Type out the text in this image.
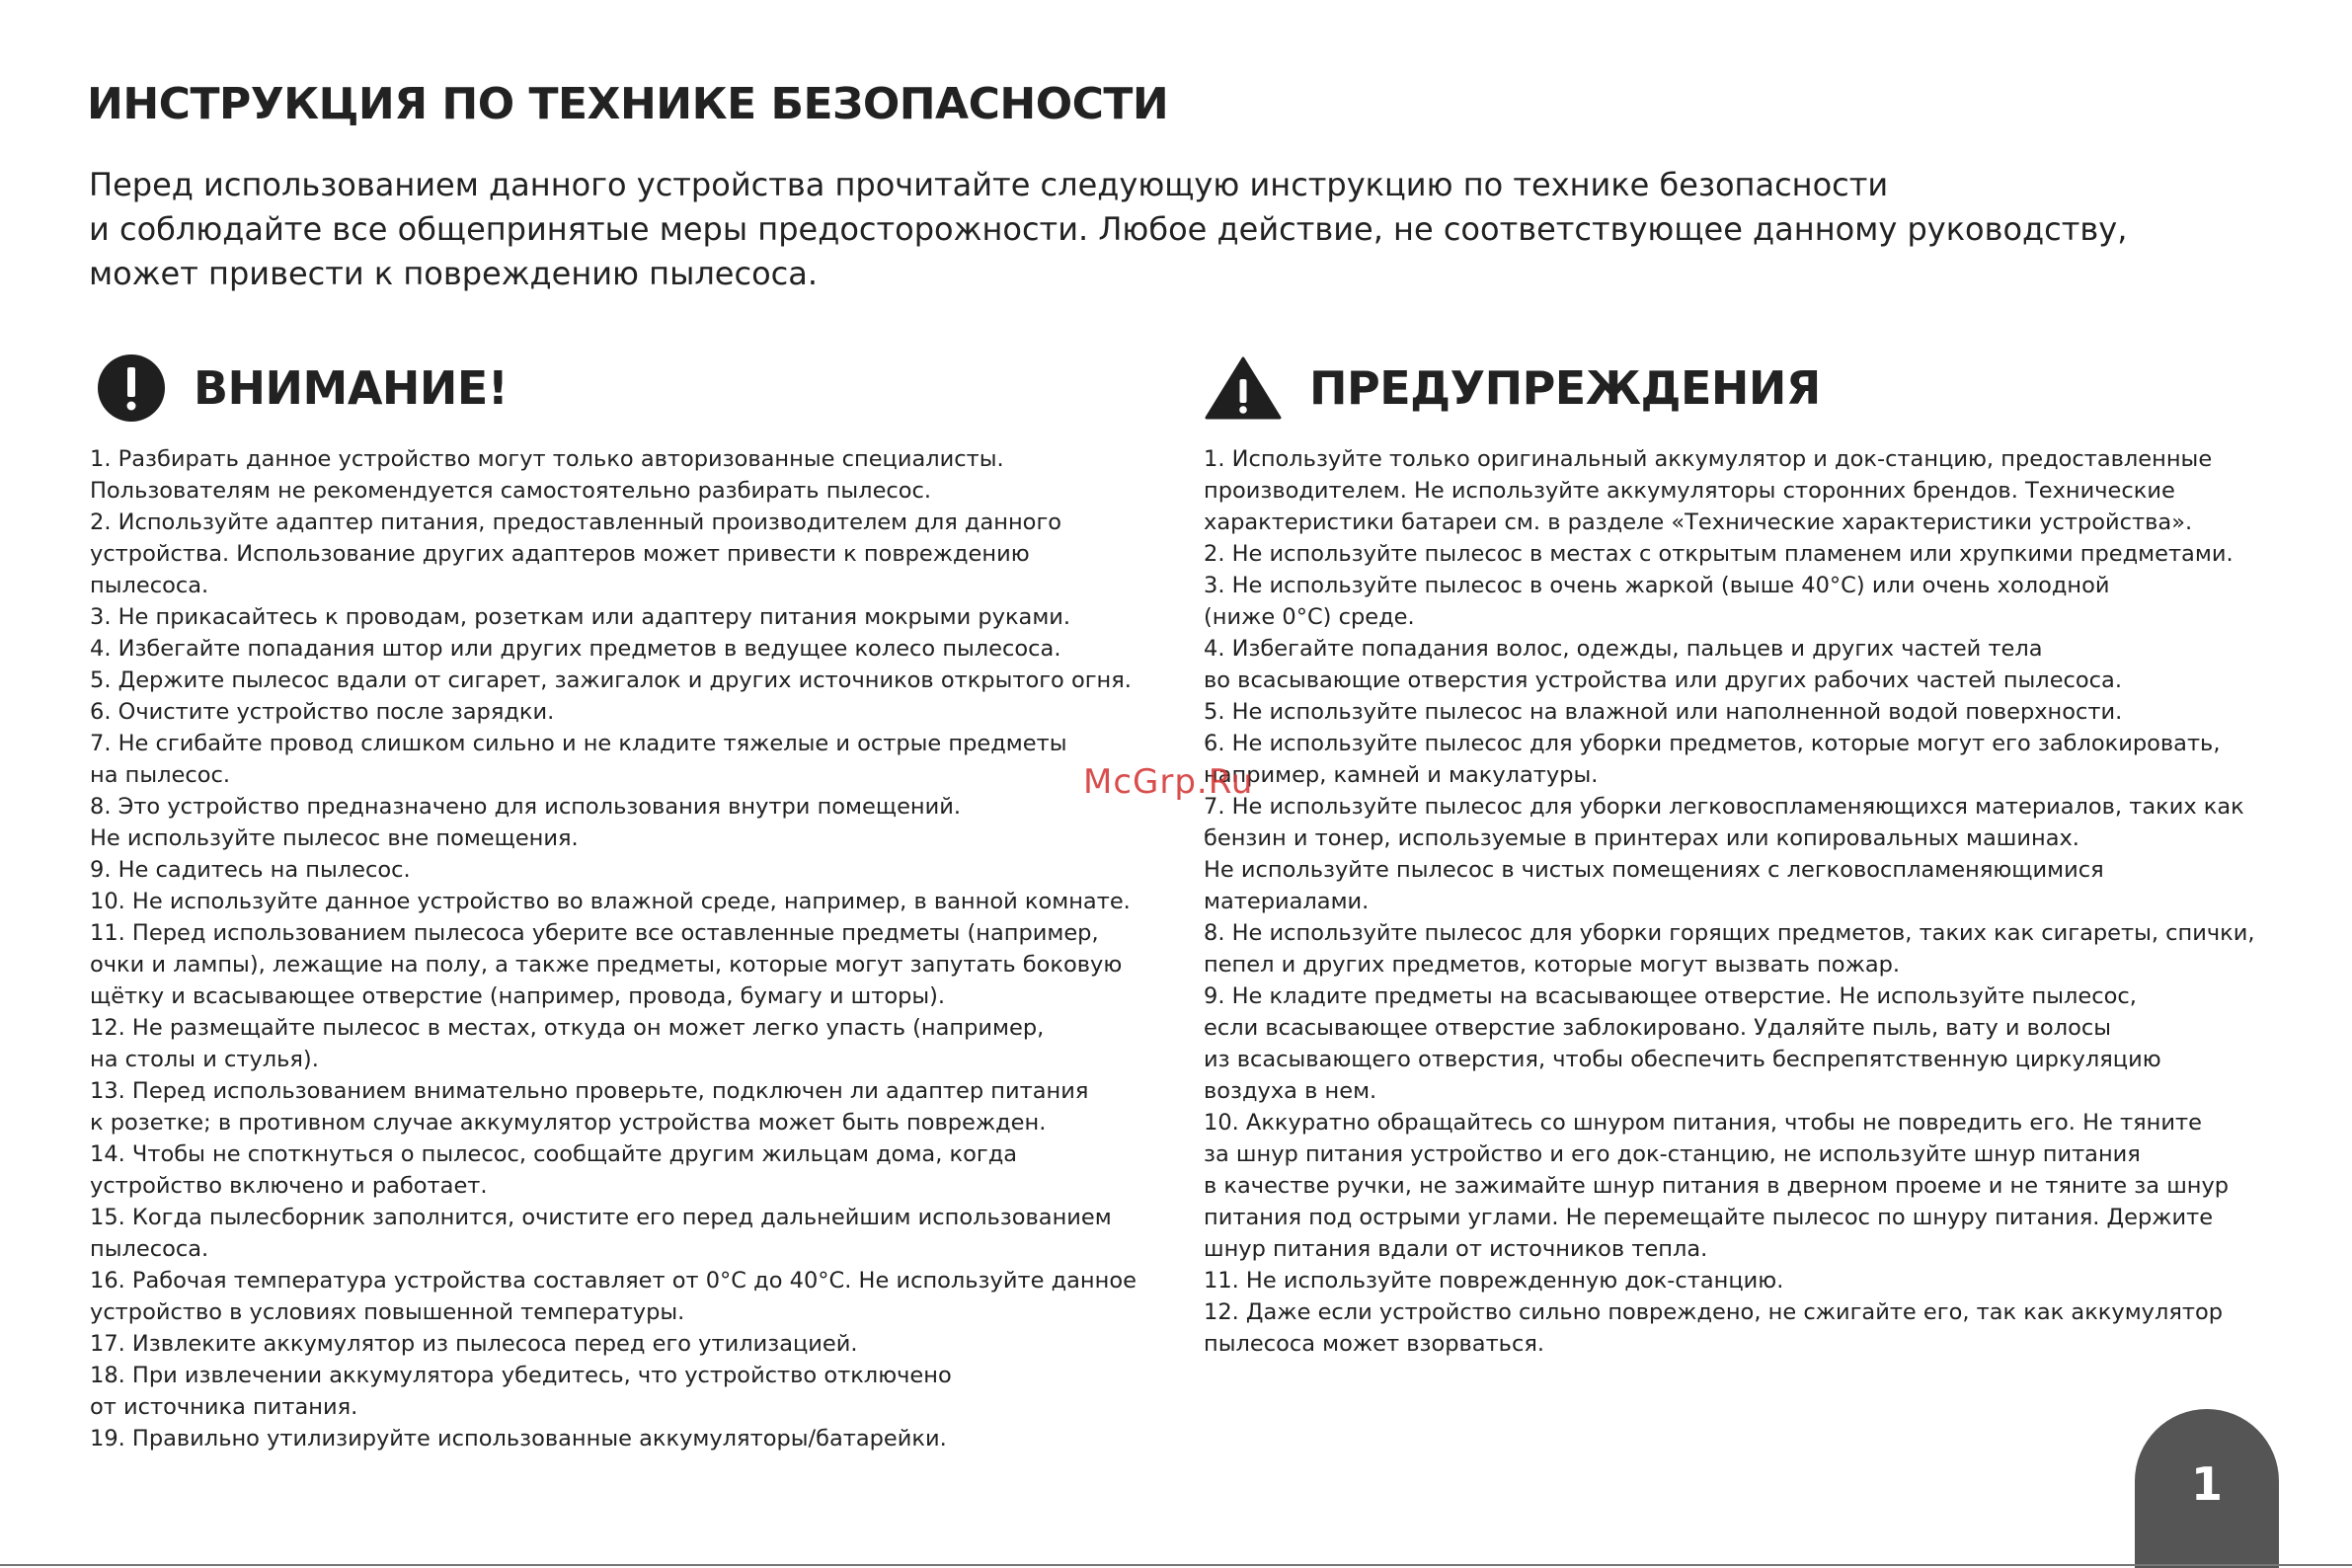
ИНСТРУКЦИЯ ПО ТЕХНИКЕ БЕЗОПАСНОСТИ
Перед использованием данного устройства прочитайте следующую инструкцию по технике безопасности
и соблюдайте все общепринятые меры предосторожности. Любое действие, не соответствующее данному руководству,
может привести к повреждению пылесоса.
ВНИМАНИЕ!	ПРЕДУПРЕЖДЕНИЯ
1. Разбирать данное устройство могут только авторизованные специалисты.
Пользователям не рекомендуется самостоятельно разбирать пылесос.
2. Используйте адаптер питания, предоставленный производителем для данного
устройства. Использование других адаптеров может привести к повреждению
пылесоса.
3. Не прикасайтесь к проводам, розеткам или адаптеру питания мокрыми руками.
4. Избегайте попадания штор или других предметов в ведущее колесо пылесоса.
5. Держите пылесос вдали от сигарет, зажигалок и других источников открытого огня.
6. Очистите устройство после зарядки.
7. Не сгибайте провод слишком сильно и не кладите тяжелые и острые предметы
на пылесос.
8. Это устройство предназначено для использования внутри помещений.
Не используйте пылесос вне помещения.
9. Не садитесь на пылесос.
10. Не используйте данное устройство во влажной среде, например, в ванной комнате.
11. Перед использованием пылесоса уберите все оставленные предметы (например,
очки и лампы), лежащие на полу, а также предметы, которые могут запутать боковую
щётку и всасывающее отверстие (например, провода, бумагу и шторы).
12. Не размещайте пылесос в местах, откуда он может легко упасть (например,
на столы и стулья).
13. Перед использованием внимательно проверьте, подключен ли адаптер питания
к розетке; в противном случае аккумулятор устройства может быть поврежден.
14. Чтобы не споткнуться о пылесос, сообщайте другим жильцам дома, когда
устройство включено и работает.
15. Когда пылесборник заполнится, очистите его перед дальнейшим использованием
пылесоса.
16. Рабочая температура устройства составляет от 0°C до 40°C. Не используйте данное
устройство в условиях повышенной температуры.
17. Извлеките аккумулятор из пылесоса перед его утилизацией.
18. При извлечении аккумулятора убедитесь, что устройство отключено
от источника питания.
19. Правильно утилизируйте использованные аккумуляторы/батарейки.
1. Используйте только оригинальный аккумулятор и док-станцию, предоставленные
производителем. Не используйте аккумуляторы сторонних брендов. Технические
характеристики батареи см. в разделе «Технические характеристики устройства».
2. Не используйте пылесос в местах с открытым пламенем или хрупкими предметами.
3. Не используйте пылесос в очень жаркой (выше 40°C) или очень холодной
(ниже 0°C) среде.
4. Избегайте попадания волос, одежды, пальцев и других частей тела
во всасывающие отверстия устройства или других рабочих частей пылесоса.
5. Не используйте пылесос на влажной или наполненной водой поверхности.
6. Не используйте пылесос для уборки предметов, которые могут его заблокировать,
например, камней и макулатуры.
7. Не используйте пылесос для уборки легковоспламеняющихся материалов, таких как
бензин и тонер, используемые в принтерах или копировальных машинах.
Не используйте пылесос в чистых помещениях с легковоспламеняющимися
материалами.
8. Не используйте пылесос для уборки горящих предметов, таких как сигареты, спички,
пепел и других предметов, которые могут вызвать пожар.
9. Не кладите предметы на всасывающее отверстие. Не используйте пылесос,
если всасывающее отверстие заблокировано. Удаляйте пыль, вату и волосы
из всасывающего отверстия, чтобы обеспечить беспрепятственную циркуляцию
воздуха в нем.
10. Аккуратно обращайтесь со шнуром питания, чтобы не повредить его. Не тяните
за шнур питания устройство и его док-станцию, не используйте шнур питания
в качестве ручки, не зажимайте шнур питания в дверном проеме и не тяните за шнур
питания под острыми углами. Не перемещайте пылесос по шнуру питания. Держите
шнур питания вдали от источников тепла.
11. Не используйте поврежденную док-станцию.
12. Даже если устройство сильно повреждено, не сжигайте его, так как аккумулятор
пылесоса может взорваться.
McGrp.Ru
1
